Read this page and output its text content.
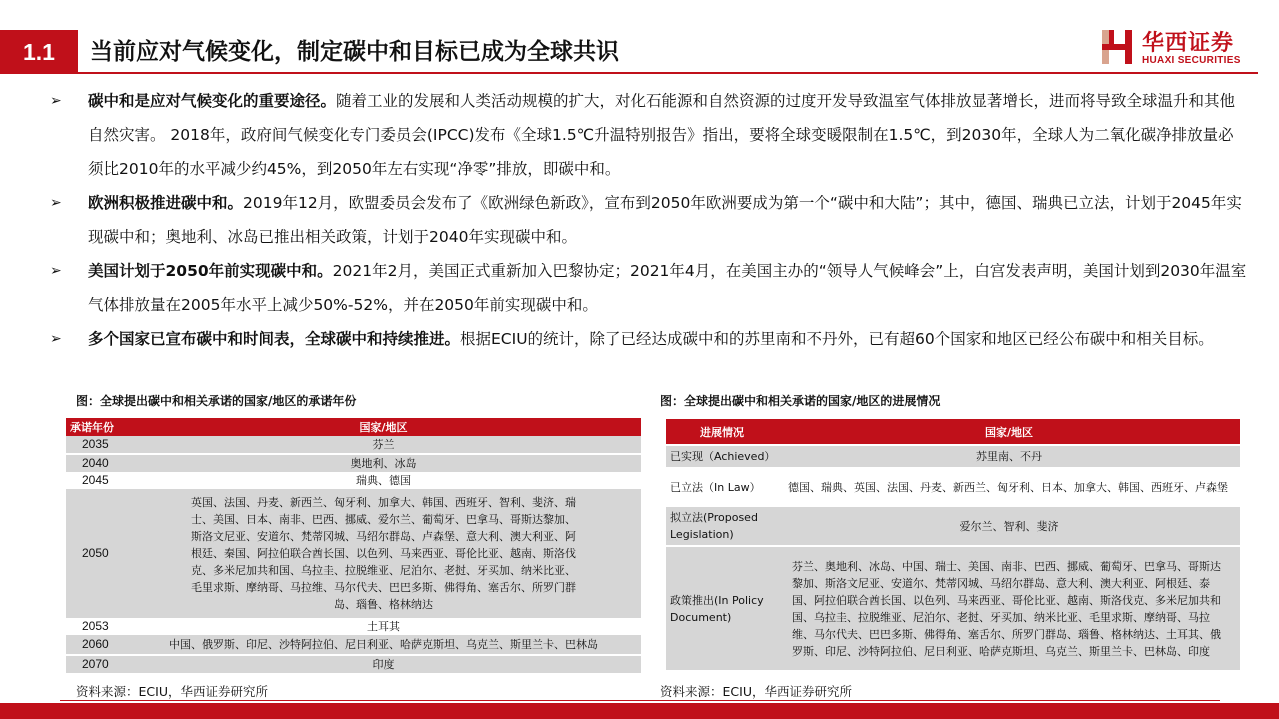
1.1	当前应对气候变化，制定碳中和目标已成为全球共识	华西证券
HUAXI SECURITIES
➢ 碳中和是应对气候变化的重要途径。随着工业的发展和人类活动规模的扩大，对化石能源和自然资源的过度开发导致温室气体排放显著增长，进而将导致全球温升和其他自然灾害。 2018年，政府间气候变化专门委员会(IPCC)发布《全球1.5℃升温特别报告》指出，要将全球变暖限制在1.5℃，到2030年，全球人为二氧化碳净排放量必须比2010年的水平减少约45%，到2050年左右实现“净零”排放，即碳中和。
➢ 欧洲积极推进碳中和。2019年12月，欧盟委员会发布了《欧洲绿色新政》，宣布到2050年欧洲要成为第一个“碳中和大陆”；其中，德国、瑞典已立法，计划于2045年实现碳中和；奥地利、冰岛已推出相关政策，计划于2040年实现碳中和。
➢ 美国计划于2050年前实现碳中和。2021年2月，美国正式重新加入巴黎协定；2021年4月，在美国主办的“领导人气候峰会”上，白宫发表声明，美国计划到2030年温室气体排放量在2005年水平上减少50%-52%，并在2050年前实现碳中和。
➢ 多个国家已宣布碳中和时间表，全球碳中和持续推进。根据ECIU的统计，除了已经达成碳中和的苏里南和不丹外，已有超60个国家和地区已经公布碳中和相关目标。
图：全球提出碳中和相关承诺的国家/地区的承诺年份
承诺年份	国家/地区
2035	芬兰
2040	奥地利、冰岛
2045	瑞典、德国
2050	英国、法国、丹麦、新西兰、匈牙利、加拿大、韩国、西班牙、智利、斐济、瑞士、美国、日本、南非、巴西、挪威、爱尔兰、葡萄牙、巴拿马、哥斯达黎加、斯洛文尼亚、安道尔、梵蒂冈城、马绍尔群岛、卢森堡、意大利、澳大利亚、阿根廷、秦国、阿拉伯联合酋长国、以色列、马来西亚、哥伦比亚、越南、斯洛伐克、多米尼加共和国、乌拉圭、拉脱维亚、尼泊尔、老挝、牙买加、纳米比亚、毛里求斯、摩纳哥、马拉维、马尔代夫、巴巴多斯、佛得角、塞舌尔、所罗门群岛、瑙鲁、格林纳达
2053	土耳其
2060	中国、俄罗斯、印尼、沙特阿拉伯、尼日利亚、哈萨克斯坦、乌克兰、斯里兰卡、巴林岛
2070	印度
资料来源：ECIU，华西证券研究所
图：全球提出碳中和相关承诺的国家/地区的进展情况
进展情况	国家/地区
已实现（Achieved）	苏里南、不丹
已立法（In Law）	德国、瑞典、英国、法国、丹麦、新西兰、匈牙利、日本、加拿大、韩国、西班牙、卢森堡
拟立法(Proposed Legislation)	爱尔兰、智利、斐济
政策推出(In Policy Document)	芬兰、奥地利、冰岛、中国、瑞士、美国、南非、巴西、挪威、葡萄牙、巴拿马、哥斯达黎加、斯洛文尼亚、安道尔、梵蒂冈城、马绍尔群岛、意大利、澳大利亚、阿根廷、泰国、阿拉伯联合酋长国、以色列、马来西亚、哥伦比亚、越南、斯洛伐克、多米尼加共和国、乌拉圭、拉脱维亚、尼泊尔、老挝、牙买加、纳米比亚、毛里求斯、摩纳哥、马拉维、马尔代夫、巴巴多斯、佛得角、塞舌尔、所罗门群岛、瑙鲁、格林纳达、土耳其、俄罗斯、印尼、沙特阿拉伯、尼日利亚、哈萨克斯坦、乌克兰、斯里兰卡、巴林岛、印度
资料来源：ECIU，华西证券研究所
3
